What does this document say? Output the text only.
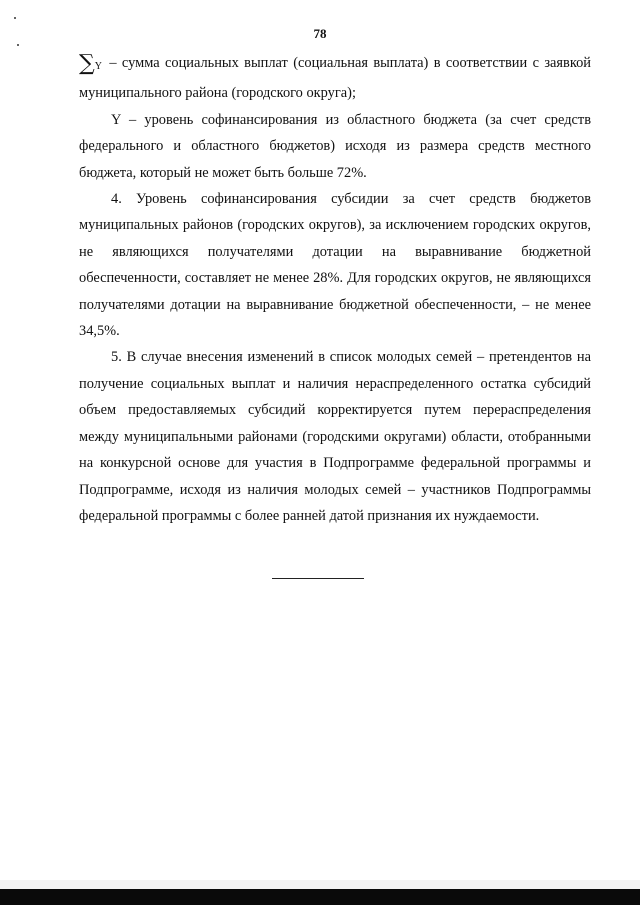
78

$\sum_Y$ – сумма социальных выплат (социальная выплата) в соответствии с заявкой муниципального района (городского округа);

Y – уровень софинансирования из областного бюджета (за счет средств федерального и областного бюджетов) исходя из размера средств местного бюджета, который не может быть больше 72%.

4. Уровень софинансирования субсидии за счет средств бюджетов муниципальных районов (городских округов), за исключением городских округов, не являющихся получателями дотации на выравнивание бюджетной обеспеченности, составляет не менее 28%. Для городских округов, не являющихся получателями дотации на выравнивание бюджетной обеспеченности, – не менее 34,5%.

5. В случае внесения изменений в список молодых семей – претендентов на получение социальных выплат и наличия нераспределенного остатка субсидий объем предоставляемых субсидий корректируется путем перераспределения между муниципальными районами (городскими округами) области, отобранными на конкурсной основе для участия в Подпрограмме федеральной программы и Подпрограмме, исходя из наличия молодых семей – участников Подпрограммы федеральной программы с более ранней датой признания их нуждаемости.
